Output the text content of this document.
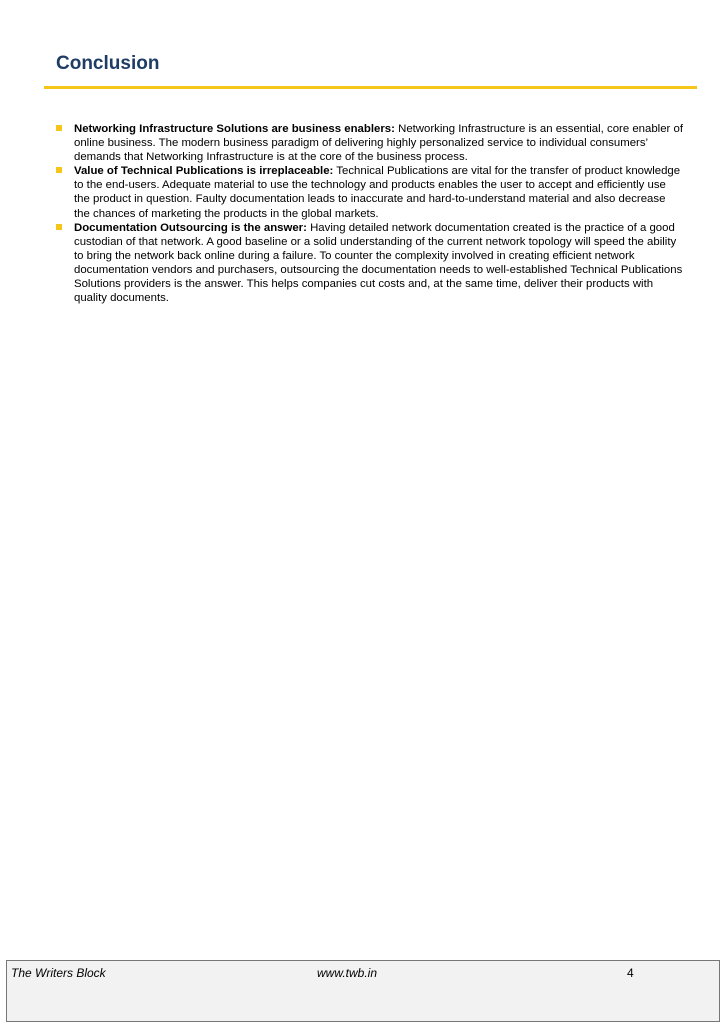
Conclusion
Networking Infrastructure Solutions are business enablers: Networking Infrastructure is an essential, core enabler of online business. The modern business paradigm of delivering highly personalized service to individual consumers’ demands that Networking Infrastructure is at the core of the business process.
Value of Technical Publications is irreplaceable: Technical Publications are vital for the transfer of product knowledge to the end-users. Adequate material to use the technology and products enables the user to accept and efficiently use the product in question. Faulty documentation leads to inaccurate and hard-to-understand material and also decrease the chances of marketing the products in the global markets.
Documentation Outsourcing is the answer: Having detailed network documentation created is the practice of a good custodian of that network. A good baseline or a solid understanding of the current network topology will speed the ability to bring the network back online during a failure. To counter the complexity involved in creating efficient network documentation vendors and purchasers, outsourcing the documentation needs to well-established Technical Publications Solutions providers is the answer. This helps companies cut costs and, at the same time, deliver their products with quality documents.
The Writers Block	www.twb.in	4
